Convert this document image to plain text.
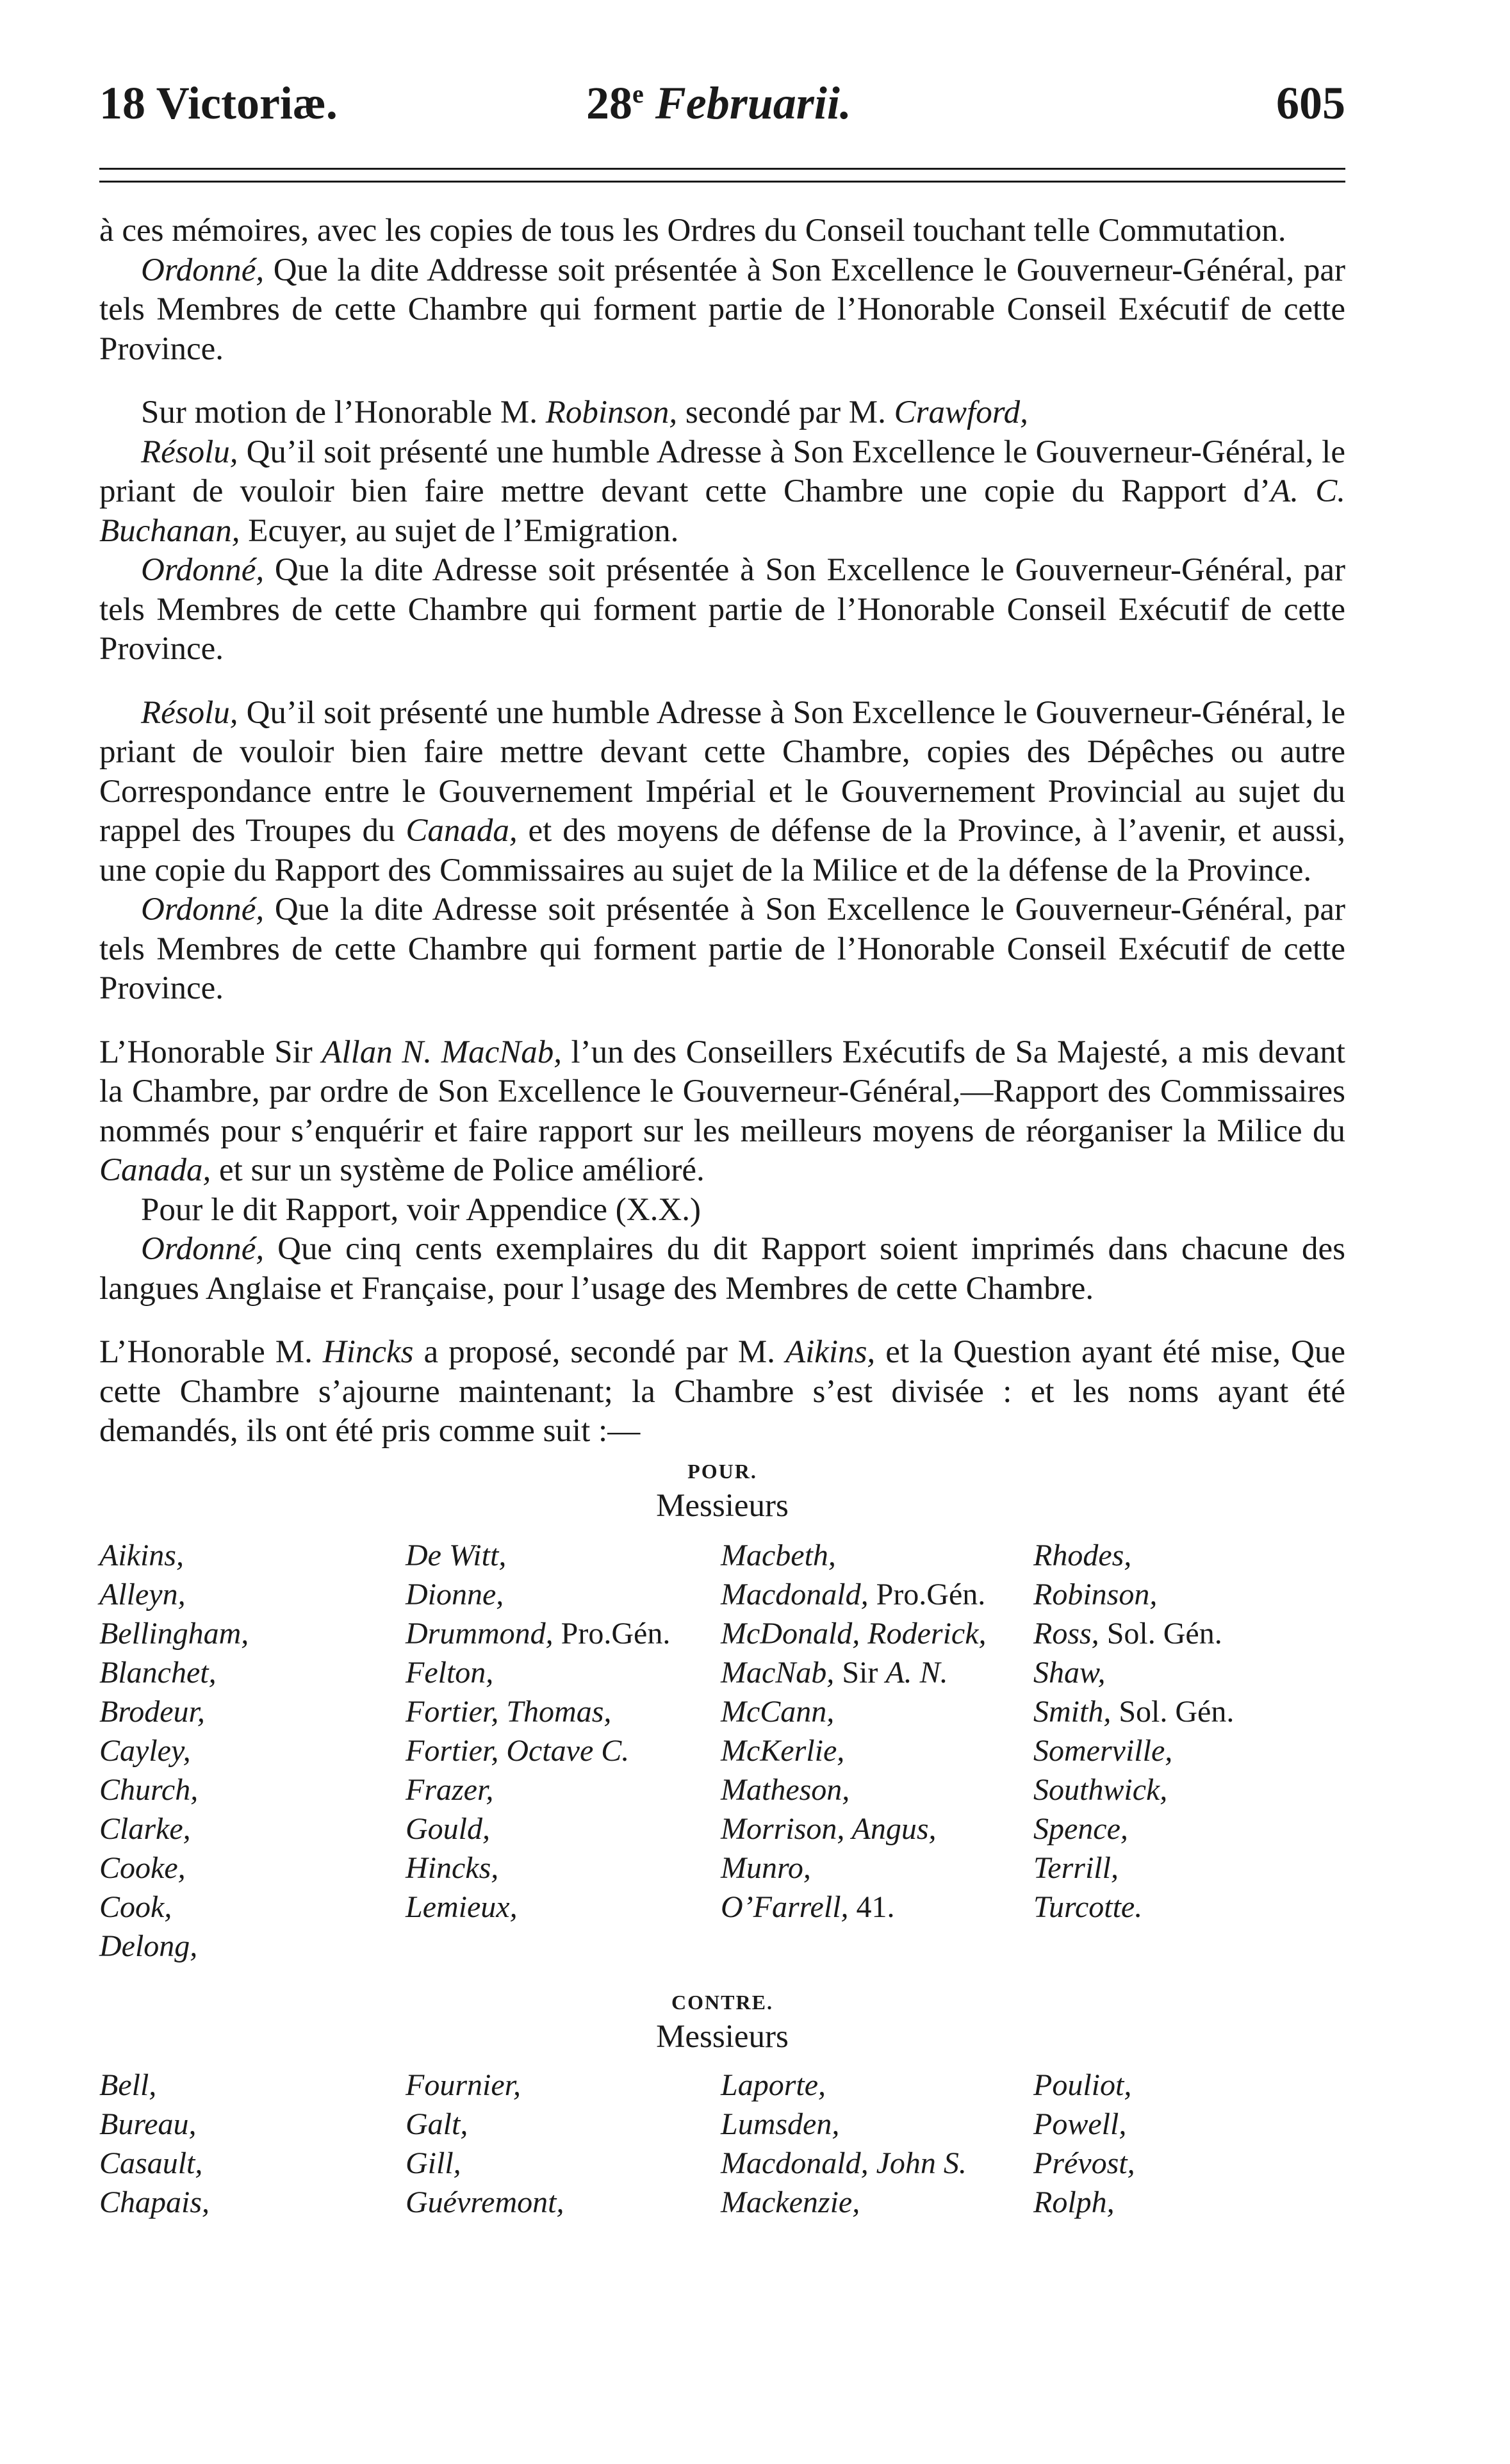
18 Victoriæ.	28e Februarii.	605

à ces mémoires, avec les copies de tous les Ordres du Conseil touchant telle Commutation.

Ordonné, Que la dite Addresse soit présentée à Son Excellence le Gouverneur-Général, par tels Membres de cette Chambre qui forment partie de l’Honorable Conseil Exécutif de cette Province.

Sur motion de l’Honorable M. Robinson, secondé par M. Crawford,

Résolu, Qu’il soit présenté une humble Adresse à Son Excellence le Gouverneur-Général, le priant de vouloir bien faire mettre devant cette Chambre une copie du Rapport d’A. C. Buchanan, Ecuyer, au sujet de l’Emigration.

Ordonné, Que la dite Adresse soit présentée à Son Excellence le Gouverneur-Général, par tels Membres de cette Chambre qui forment partie de l’Honorable Conseil Exécutif de cette Province.

Résolu, Qu’il soit présenté une humble Adresse à Son Excellence le Gouverneur-Général, le priant de vouloir bien faire mettre devant cette Chambre, copies des Dépêches ou autre Correspondance entre le Gouvernement Impérial et le Gouvernement Provincial au sujet du rappel des Troupes du Canada, et des moyens de défense de la Province, à l’avenir, et aussi, une copie du Rapport des Commissaires au sujet de la Milice et de la défense de la Province.

Ordonné, Que la dite Adresse soit présentée à Son Excellence le Gouverneur-Général, par tels Membres de cette Chambre qui forment partie de l’Honorable Conseil Exécutif de cette Province.

L’Honorable Sir Allan N. MacNab, l’un des Conseillers Exécutifs de Sa Majesté, a mis devant la Chambre, par ordre de Son Excellence le Gouverneur-Général,—Rapport des Commissaires nommés pour s’enquérir et faire rapport sur les meilleurs moyens de réorganiser la Milice du Canada, et sur un système de Police amélioré.

Pour le dit Rapport, voir Appendice (X.X.)

Ordonné, Que cinq cents exemplaires du dit Rapport soient imprimés dans chacune des langues Anglaise et Française, pour l’usage des Membres de cette Chambre.

L’Honorable M. Hincks a proposé, secondé par M. Aikins, et la Question ayant été mise, Que cette Chambre s’ajourne maintenant; la Chambre s’est divisée : et les noms ayant été demandés, ils ont été pris comme suit :—

POUR.

Messieurs

Aikins,	De Witt,	Macbeth,	Rhodes,
Alleyn,	Dionne,	Macdonald, Pro.Gén.	Robinson,
Bellingham,	Drummond, Pro.Gén.	McDonald, Roderick,	Ross, Sol. Gén.
Blanchet,	Felton,	MacNab, Sir A. N.	Shaw,
Brodeur,	Fortier, Thomas,	McCann,	Smith, Sol. Gén.
Cayley,	Fortier, Octave C.	McKerlie,	Somerville,
Church,	Frazer,	Matheson,	Southwick,
Clarke,	Gould,	Morrison, Angus,	Spence,
Cooke,	Hincks,	Munro,	Terrill,
Cook,	Lemieux,	O’Farrell, 41.	Turcotte.
Delong,

CONTRE.

Messieurs

Bell,	Fournier,	Laporte,	Pouliot,
Bureau,	Galt,	Lumsden,	Powell,
Casault,	Gill,	Macdonald, John S.	Prévost,
Chapais,	Guévremont,	Mackenzie,	Rolph,
